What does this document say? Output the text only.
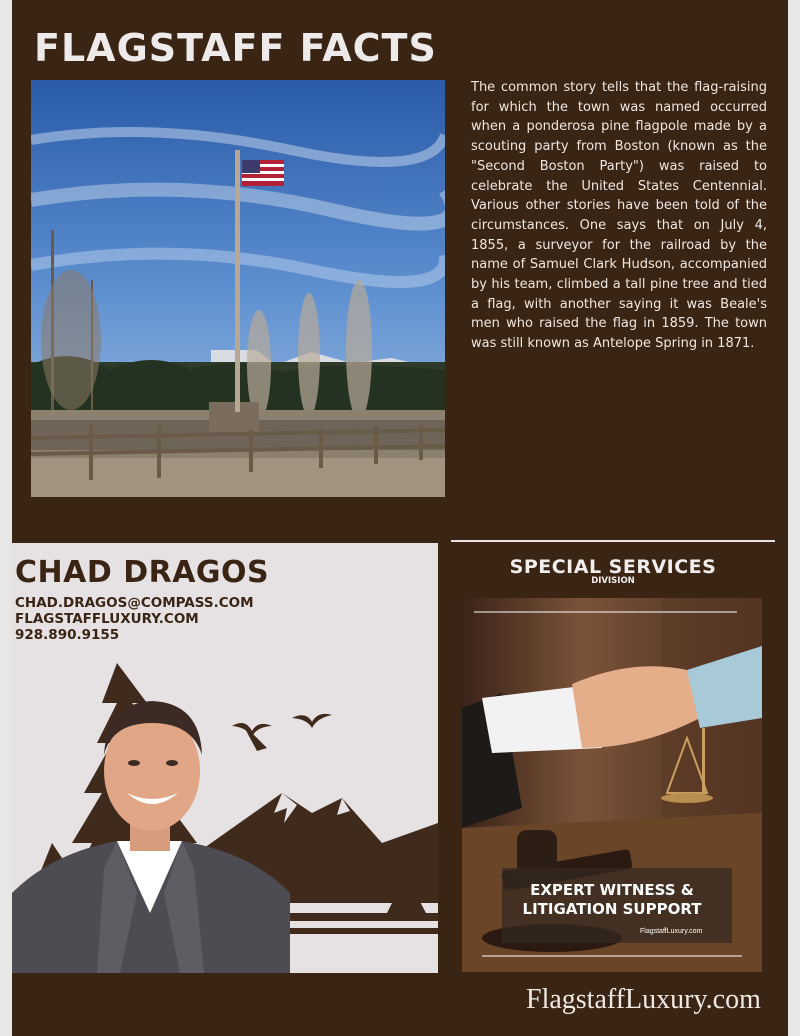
FLAGSTAFF FACTS

The common story tells that the flag-raising for which the town was named occurred when a ponderosa pine flagpole made by a scouting party from Boston (known as the "Second Boston Party") was raised to celebrate the United States Centennial. Various other stories have been told of the circumstances. One says that on July 4, 1855, a surveyor for the railroad by the name of Samuel Clark Hudson, accompanied by his team, climbed a tall pine tree and tied a flag, with another saying it was Beale's men who raised the flag in 1859. The town was still known as Antelope Spring in 1871.

CHAD DRAGOS
CHAD.DRAGOS@COMPASS.COM
FLAGSTAFFLUXURY.COM
928.890.9155
SPECIAL SERVICES
DIVISION
EXPERT WITNESS & LITIGATION SUPPORT
FlagstaffLuxury.com
FlagstaffLuxury.com
